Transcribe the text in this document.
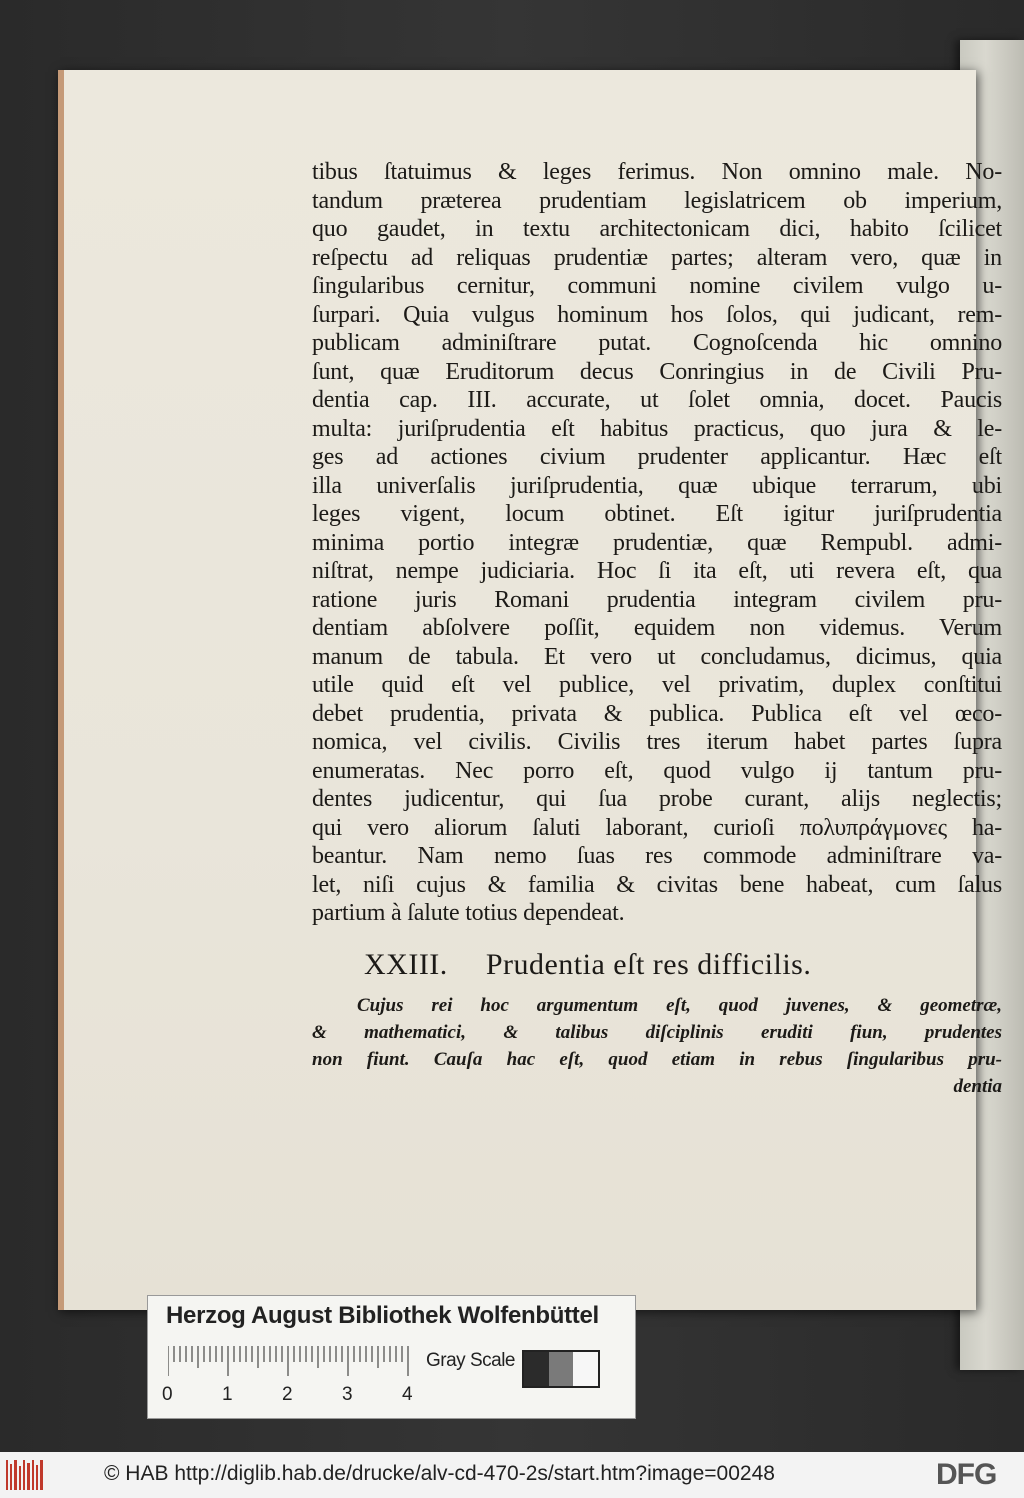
tibus ſtatuimus & leges ferimus. Non omnino male. No-
tandum præterea prudentiam legislatricem ob imperium,
quo gaudet, in textu architectonicam dici, habito ſcilicet
reſpectu ad reliquas prudentiæ partes; alteram vero, quæ in
ſingularibus cernitur, communi nomine civilem vulgo u-
ſurpari. Quia vulgus hominum hos ſolos, qui judicant, rem-
publicam adminiſtrare putat. Cognoſcenda hic omnino
ſunt, quæ Eruditorum decus Conringius in de Civili Pru-
dentia cap. III. accurate, ut ſolet omnia, docet. Paucis
multa: juriſprudentia eſt habitus practicus, quo jura & le-
ges ad actiones civium prudenter applicantur. Hæc eſt
illa univerſalis juriſprudentia, quæ ubique terrarum, ubi
leges vigent, locum obtinet. Eſt igitur juriſprudentia
minima portio integræ prudentiæ, quæ Rempubl. admi-
niſtrat, nempe judiciaria. Hoc ſi ita eſt, uti revera eſt, qua
ratione juris Romani prudentia integram civilem pru-
dentiam abſolvere poſſit, equidem non videmus. Verum
manum de tabula. Et vero ut concludamus, dicimus, quia
utile quid eſt vel publice, vel privatim, duplex conſtitui
debet prudentia, privata & publica. Publica eſt vel œco-
nomica, vel civilis. Civilis tres iterum habet partes ſupra
enumeratas. Nec porro eſt, quod vulgo ij tantum pru-
dentes judicentur, qui ſua probe curant, alijs neglectis;
qui vero aliorum ſaluti laborant, curioſi πολυπράγμονες ha-
beantur. Nam nemo ſuas res commode adminiſtrare va-
let, niſi cujus & familia & civitas bene habeat, cum ſalus
partium à ſalute totius dependeat.
XXIII. Prudentia eſt res difficilis.
Cujus rei hoc argumentum eſt, quod juvenes, & geometræ,
& mathematici, & talibus diſciplinis eruditi fiun, prudentes
non fiunt. Cauſa hac eſt, quod etiam in rebus ſingularibus pru-
dentia
Herzog August Bibliothek Wolfenbüttel
0	1	2	3	4
Gray Scale
© HAB http://diglib.hab.de/drucke/alv-cd-470-2s/start.htm?image=00248	DFG
